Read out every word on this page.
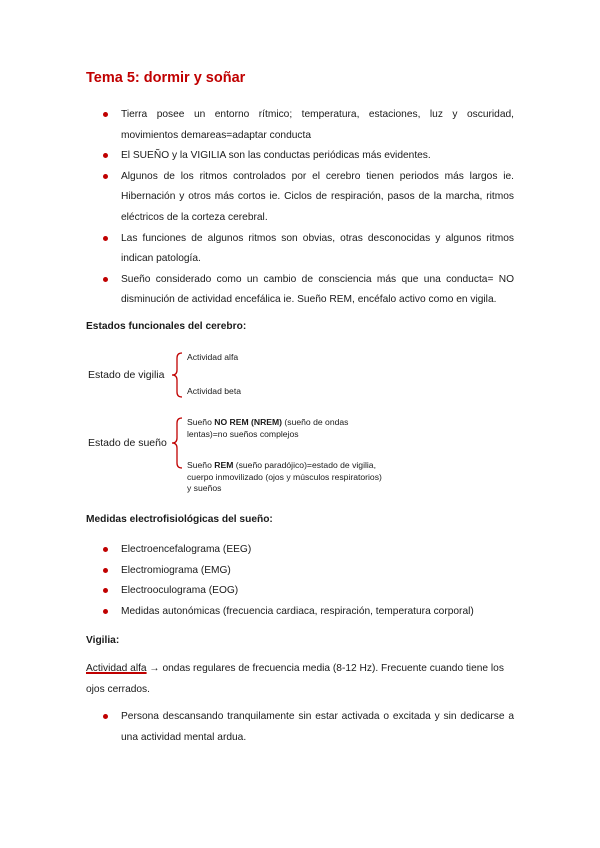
Tema 5: dormir y soñar
Tierra posee un entorno rítmico; temperatura, estaciones, luz y oscuridad, movimientos demareas=adaptar conducta
El SUEÑO y la VIGILIA son las conductas periódicas más evidentes.
Algunos de los ritmos controlados por el cerebro tienen periodos más largos ie. Hibernación y otros más cortos ie. Ciclos de respiración, pasos de la marcha, ritmos eléctricos de la corteza cerebral.
Las funciones de algunos ritmos son obvias, otras desconocidas y algunos ritmos indican patología.
Sueño considerado como un cambio de consciencia más que una conducta= NO disminución de actividad encefálica ie. Sueño REM, encéfalo activo como en vigila.
Estados funcionales del cerebro:
Estado de vigilia
Actividad alfa
Actividad beta
Estado de sueño
Sueño NO REM (NREM) (sueño de ondas lentas)=no sueños complejos
Sueño REM (sueño paradójico)=estado de vigilia, cuerpo inmovilizado (ojos y músculos respiratorios) y sueños
Medidas electrofisiológicas del sueño:
Electroencefalograma (EEG)
Electromiograma (EMG)
Electrooculograma (EOG)
Medidas autonómicas (frecuencia cardiaca, respiración, temperatura corporal)
Vigilia:
Actividad alfa → ondas regulares de frecuencia media (8-12 Hz). Frecuente cuando tiene los ojos cerrados.
Persona descansando tranquilamente sin estar activada o excitada y sin dedicarse a una actividad mental ardua.
